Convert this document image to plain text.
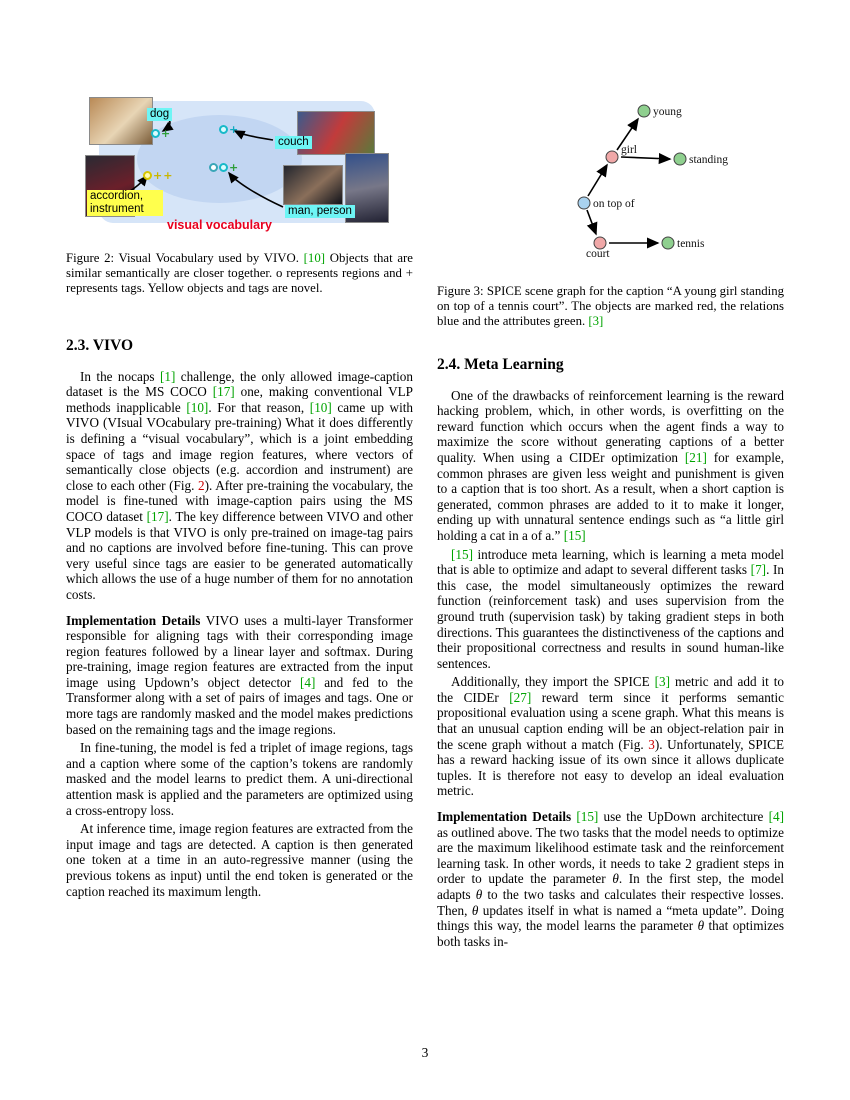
+	+
+ +
+
dog
couch
accordion, instrument	man, person
visual vocabulary

Figure 2: Visual Vocabulary used by VIVO. [10] Objects that are similar semantically are closer together. o represents regions and + represents tags. Yellow objects and tags are novel.

2.3. VIVO

In the nocaps [1] challenge, the only allowed image-caption dataset is the MS COCO [17] one, making conventional VLP methods inapplicable [10]. For that reason, [10] came up with VIVO (VIsual VOcabulary pre-training) What it does differently is defining a “visual vocabulary”, which is a joint embedding space of tags and image region features, where vectors of semantically close objects (e.g. accordion and instrument) are close to each other (Fig. 2). After pre-training the vocabulary, the model is fine-tuned with image-caption pairs using the MS COCO dataset [17]. The key difference between VIVO and other VLP models is that VIVO is only pre-trained on image-tag pairs and no captions are involved before fine-tuning. This can prove very useful since tags are easier to be generated automatically which allows the use of a huge number of them for no annotation costs.

Implementation Details VIVO uses a multi-layer Transformer responsible for aligning tags with their corresponding image region features followed by a linear layer and softmax. During pre-training, image region features are extracted from the input image using Updown’s object detector [4] and fed to the Transformer along with a set of pairs of images and tags. One or more tags are randomly masked and the model makes predictions based on the remaining tags and the image regions.

In fine-tuning, the model is fed a triplet of image regions, tags and a caption where some of the caption’s tokens are randomly masked and the model learns to predict them. A uni-directional attention mask is applied and the parameters are optimized using a cross-entropy loss.

At inference time, image region features are extracted from the input image and tags are detected. A caption is then generated one token at a time in an auto-regressive manner (using the previous tokens as input) until the end token is generated or the caption reached its maximum length.

young
girl
standing
on top of
court
tennis

Figure 3: SPICE scene graph for the caption “A young girl standing on top of a tennis court”. The objects are marked red, the relations blue and the attributes green. [3]

2.4. Meta Learning

One of the drawbacks of reinforcement learning is the reward hacking problem, which, in other words, is overfitting on the reward function which occurs when the agent finds a way to maximize the score without generating captions of a better quality. When using a CIDEr optimization [21] for example, common phrases are given less weight and punishment is given to a caption that is too short. As a result, when a short caption is generated, common phrases are added to it to make it longer, ending up with unnatural sentence endings such as “a little girl holding a cat in a of a.” [15]

[15] introduce meta learning, which is learning a meta model that is able to optimize and adapt to several different tasks [7]. In this case, the model simultaneously optimizes the reward function (reinforcement task) and uses supervision from the ground truth (supervision task) by taking gradient steps in both directions. This guarantees the distinctiveness of the captions and their propositional correctness and results in sound human-like sentences.

Additionally, they import the SPICE [3] metric and add it to the CIDEr [27] reward term since it performs semantic propositional evaluation using a scene graph. What this means is that an unusual caption ending will be an object-relation pair in the scene graph without a match (Fig. 3). Unfortunately, SPICE has a reward hacking issue of its own since it allows duplicate tuples. It is therefore not easy to develop an ideal evaluation metric.

Implementation Details [15] use the UpDown architecture [4] as outlined above. The two tasks that the model needs to optimize are the maximum likelihood estimate task and the reinforcement learning task. In other words, it needs to take 2 gradient steps in order to update the parameter θ. In the first step, the model adapts θ to the two tasks and calculates their respective losses. Then, θ updates itself in what is named a “meta update”. Doing things this way, the model learns the parameter θ that optimizes both tasks in-

3
